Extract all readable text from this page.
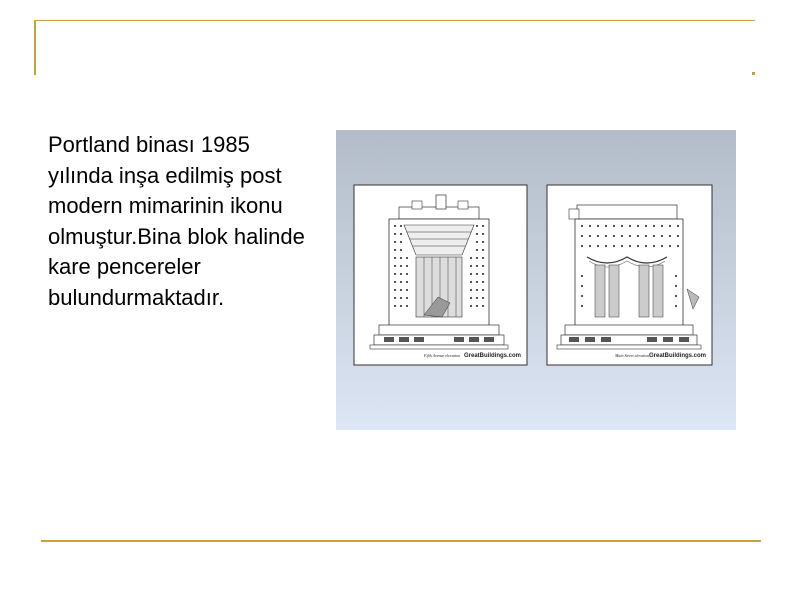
Portland binası 1985 yılında inşa edilmiş post modern mimarinin ikonu olmuştur.Bina blok halinde kare pencereler bulundurmaktadır.

Fifth Avenue elevation GreatBuildings.com	Main Street elevation GreatBuildings.com
